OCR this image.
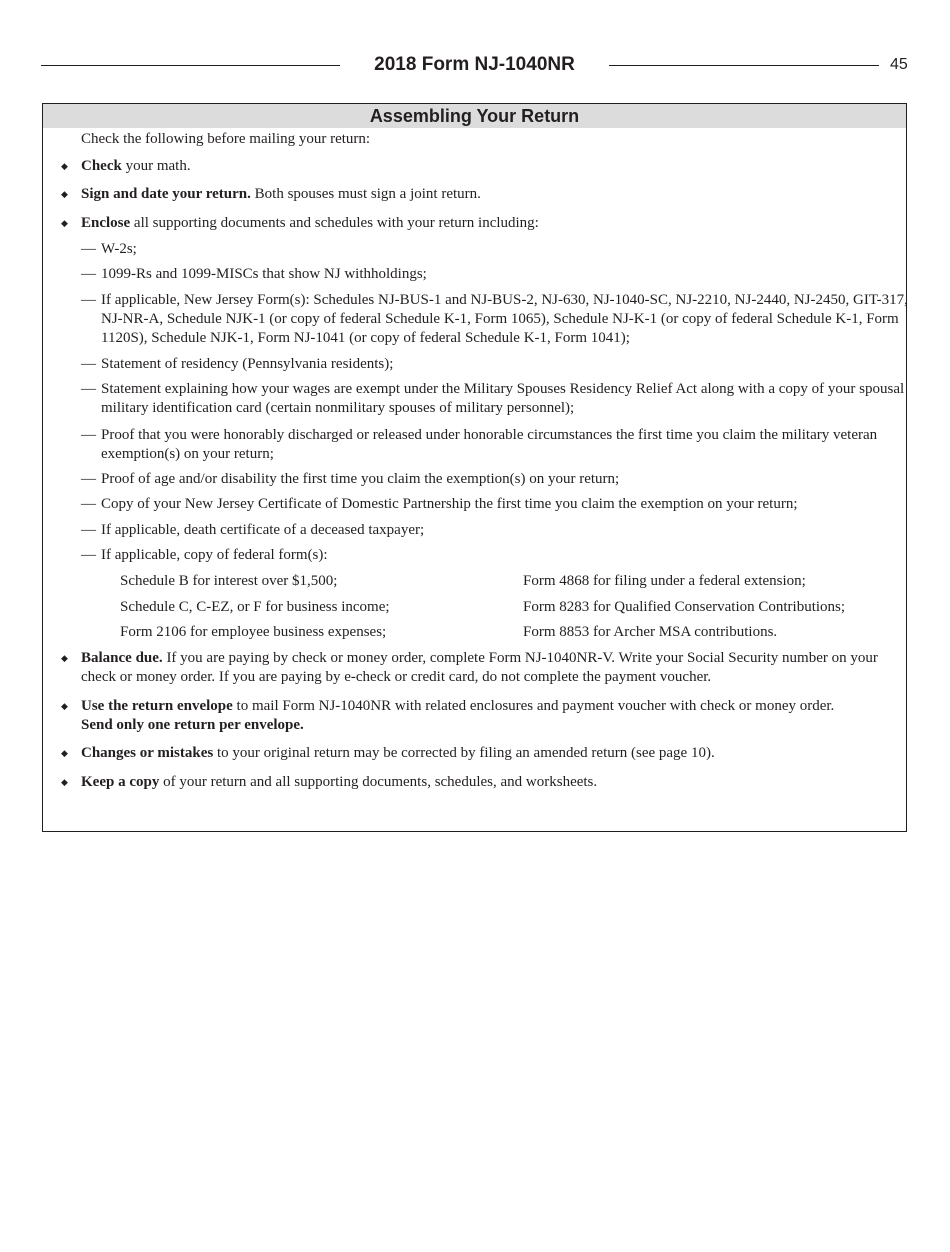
2018 Form NJ-1040NR	45
Assembling Your Return
Check the following before mailing your return:
◆ Check your math.
◆ Sign and date your return. Both spouses must sign a joint return.
◆ Enclose all supporting documents and schedules with your return including:
— W-2s;
— 1099-Rs and 1099-MISCs that show NJ withholdings;
— If applicable, New Jersey Form(s): Schedules NJ-BUS-1 and NJ-BUS-2, NJ-630, NJ-1040-SC, NJ-2210, NJ-2440, NJ-2450, GIT-317, NJ-NR-A, Schedule NJK-1 (or copy of federal Schedule K-1, Form 1065), Schedule NJ-K-1 (or copy of federal Schedule K-1, Form 1120S), Schedule NJK-1, Form NJ-1041 (or copy of federal Schedule K-1, Form 1041);
— Statement of residency (Pennsylvania residents);
— Statement explaining how your wages are exempt under the Military Spouses Residency Relief Act along with a copy of your spousal military identification card (certain nonmilitary spouses of military personnel);
— Proof that you were honorably discharged or released under honorable circumstances the first time you claim the military veteran exemption(s) on your return;
— Proof of age and/or disability the first time you claim the exemption(s) on your return;
— Copy of your New Jersey Certificate of Domestic Partnership the first time you claim the exemption on your return;
— If applicable, death certificate of a deceased taxpayer;
— If applicable, copy of federal form(s):
Schedule B for interest over $1,500;	Form 4868 for filing under a federal extension;
Schedule C, C-EZ, or F for business income;	Form 8283 for Qualified Conservation Contributions;
Form 2106 for employee business expenses;	Form 8853 for Archer MSA contributions.
◆ Balance due. If you are paying by check or money order, complete Form NJ-1040NR-V. Write your Social Security number on your check or money order. If you are paying by e-check or credit card, do not complete the payment voucher.
◆ Use the return envelope to mail Form NJ-1040NR with related enclosures and payment voucher with check or money order.
Send only one return per envelope.
◆ Changes or mistakes to your original return may be corrected by filing an amended return (see page 10).
◆ Keep a copy of your return and all supporting documents, schedules, and worksheets.
